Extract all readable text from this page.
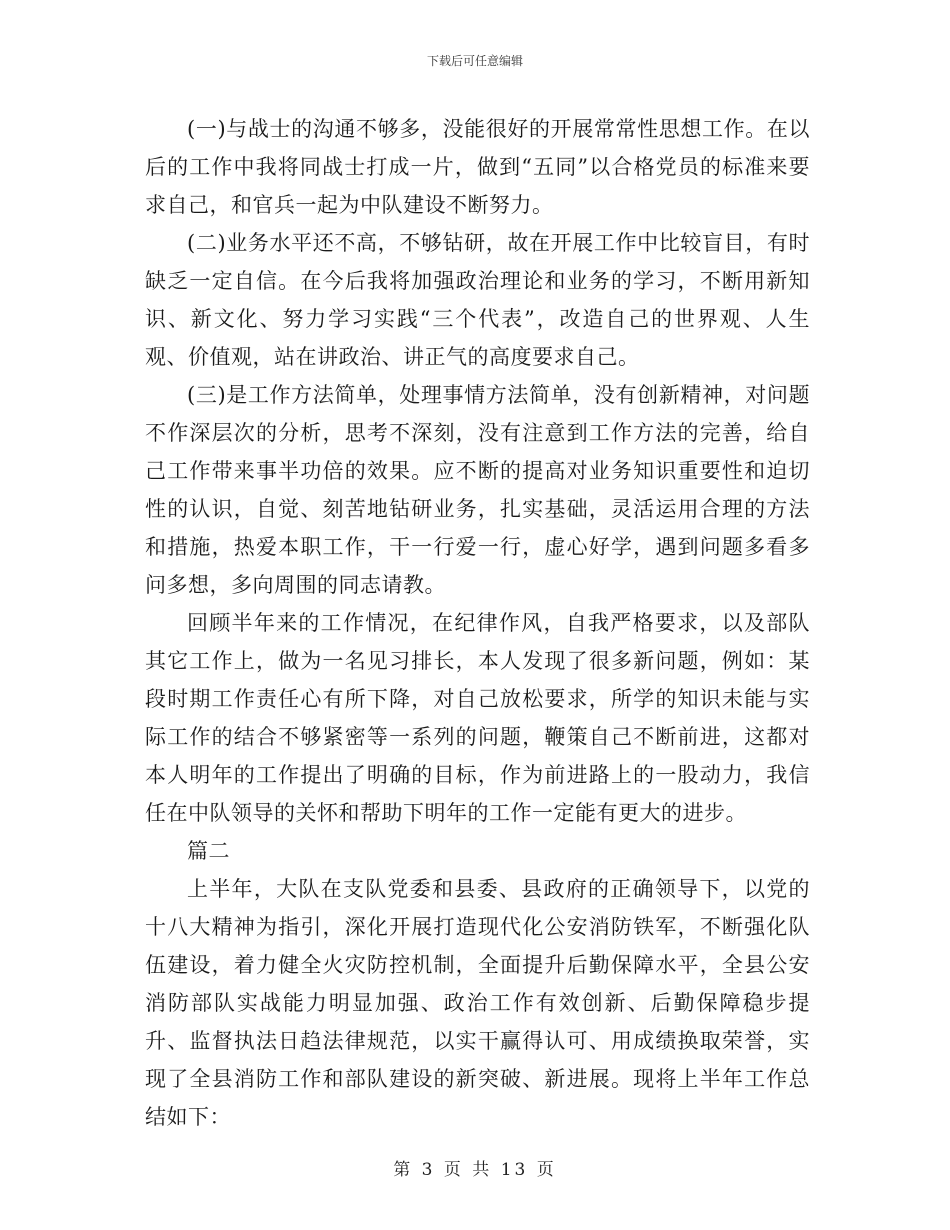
下载后可任意编辑

(一)与战士的沟通不够多，没能很好的开展常常性思想工作。在以后的工作中我将同战士打成一片，做到“五同”以合格党员的标准来要求自己，和官兵一起为中队建设不断努力。

(二)业务水平还不高，不够钻研，故在开展工作中比较盲目，有时缺乏一定自信。在今后我将加强政治理论和业务的学习，不断用新知识、新文化、努力学习实践“三个代表”，改造自己的世界观、人生观、价值观，站在讲政治、讲正气的高度要求自己。

(三)是工作方法简单，处理事情方法简单，没有创新精神，对问题不作深层次的分析，思考不深刻，没有注意到工作方法的完善，给自己工作带来事半功倍的效果。应不断的提高对业务知识重要性和迫切性的认识，自觉、刻苦地钻研业务，扎实基础，灵活运用合理的方法和措施，热爱本职工作，干一行爱一行，虚心好学，遇到问题多看多问多想，多向周围的同志请教。

回顾半年来的工作情况，在纪律作风，自我严格要求，以及部队其它工作上，做为一名见习排长，本人发现了很多新问题，例如：某段时期工作责任心有所下降，对自己放松要求，所学的知识未能与实际工作的结合不够紧密等一系列的问题，鞭策自己不断前进，这都对本人明年的工作提出了明确的目标，作为前进路上的一股动力，我信任在中队领导的关怀和帮助下明年的工作一定能有更大的进步。

篇二

上半年，大队在支队党委和县委、县政府的正确领导下，以党的十八大精神为指引，深化开展打造现代化公安消防铁军，不断强化队伍建设，着力健全火灾防控机制，全面提升后勤保障水平，全县公安消防部队实战能力明显加强、政治工作有效创新、后勤保障稳步提升、监督执法日趋法律规范，以实干赢得认可、用成绩换取荣誉，实现了全县消防工作和部队建设的新突破、新进展。现将上半年工作总结如下：

第 3 页 共 13 页
